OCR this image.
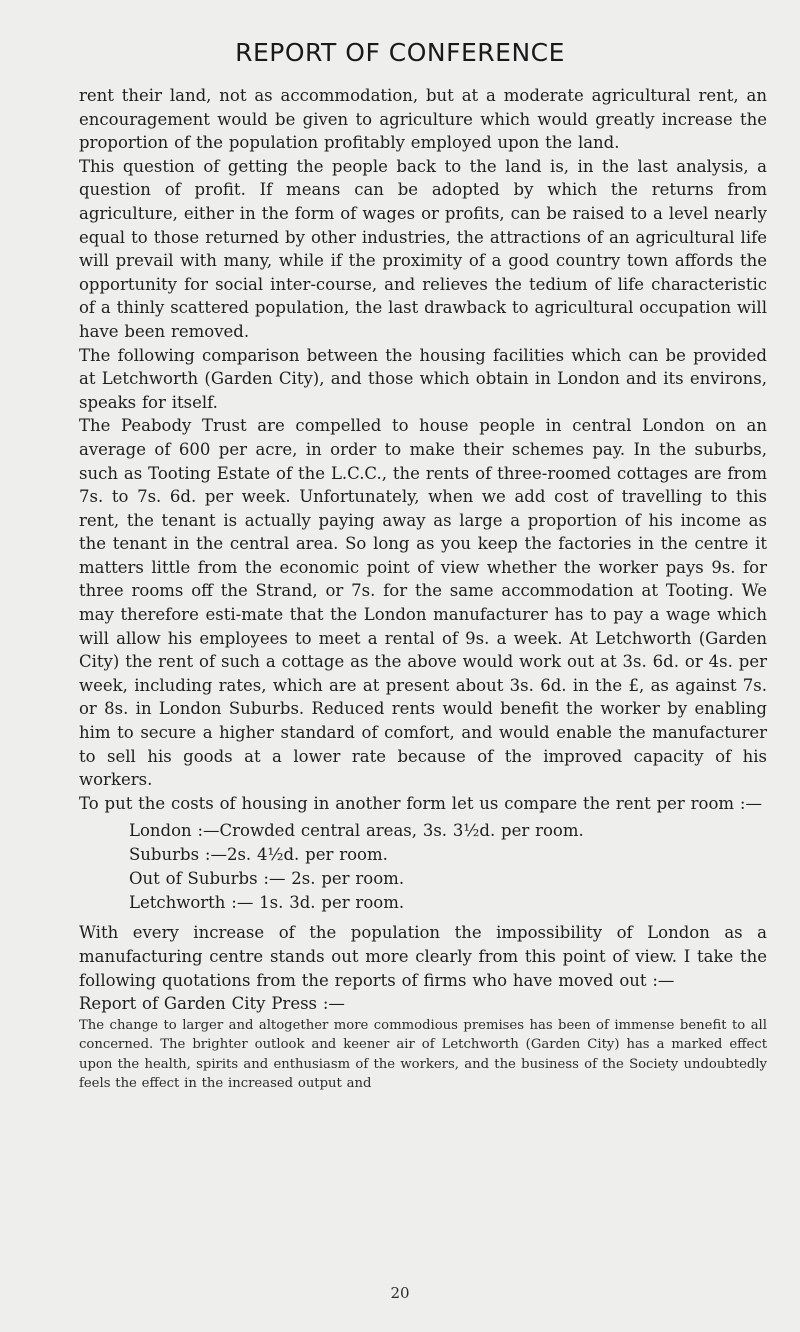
REPORT OF CONFERENCE

rent their land, not as accommodation, but at a moderate agricultural rent, an encouragement would be given to agriculture which would greatly increase the proportion of the population profitably employed upon the land.

This question of getting the people back to the land is, in the last analysis, a question of profit. If means can be adopted by which the returns from agriculture, either in the form of wages or profits, can be raised to a level nearly equal to those returned by other industries, the attractions of an agricultural life will prevail with many, while if the proximity of a good country town affords the opportunity for social inter-course, and relieves the tedium of life characteristic of a thinly scattered population, the last drawback to agricultural occupation will have been removed.

The following comparison between the housing facilities which can be provided at Letchworth (Garden City), and those which obtain in London and its environs, speaks for itself.

The Peabody Trust are compelled to house people in central London on an average of 600 per acre, in order to make their schemes pay. In the suburbs, such as Tooting Estate of the L.C.C., the rents of three-roomed cottages are from 7s. to 7s. 6d. per week. Unfortunately, when we add cost of travelling to this rent, the tenant is actually paying away as large a proportion of his income as the tenant in the central area. So long as you keep the factories in the centre it matters little from the economic point of view whether the worker pays 9s. for three rooms off the Strand, or 7s. for the same accommodation at Tooting. We may therefore esti-mate that the London manufacturer has to pay a wage which will allow his employees to meet a rental of 9s. a week. At Letchworth (Garden City) the rent of such a cottage as the above would work out at 3s. 6d. or 4s. per week, including rates, which are at present about 3s. 6d. in the £, as against 7s. or 8s. in London Suburbs. Reduced rents would benefit the worker by enabling him to secure a higher standard of comfort, and would enable the manufacturer to sell his goods at a lower rate because of the improved capacity of his workers.

To put the costs of housing in another form let us compare the rent per room :—

London :—Crowded central areas, 3s. 3½d. per room.
Suburbs :—2s. 4½d. per room.
Out of Suburbs :— 2s. per room.
Letchworth :— 1s. 3d. per room.

With every increase of the population the impossibility of London as a manufacturing centre stands out more clearly from this point of view. I take the following quotations from the reports of firms who have moved out :—

Report of Garden City Press :—

The change to larger and altogether more commodious premises has been of immense benefit to all concerned. The brighter outlook and keener air of Letchworth (Garden City) has a marked effect upon the health, spirits and enthusiasm of the workers, and the business of the Society undoubtedly feels the effect in the increased output and

20
